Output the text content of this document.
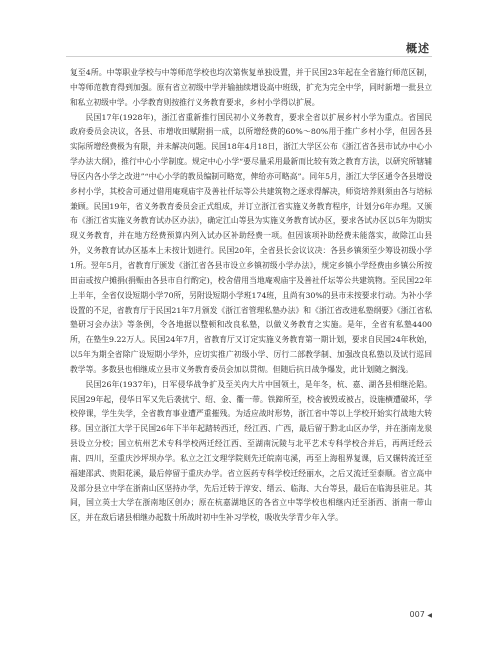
概述

复至4所。中等职业学校与中等师范学校也均次第恢复单独设置，并于民国23年起在全省施行师范区制，中等师范教育得到加强。原有省立初级中学并输抽续增设高中班级，扩充为完全中学，同时新增一批县立和私立初级中学。小学教育则按推行义务教育要求，乡村小学得以扩展。

民国17年(1928年)，浙江省重新推行国民初小义务教育，要求全省以扩展乡村小学为重点。省国民政府委员会决议，各县、市增收田赋附捐一成，以所增经费的60%～80%用于推广乡村小学，但因各县实际所增经费极为有限，并未解决问题。民国18年4月18日，浙江大学区公布《浙江省各县市试办中心小学办法大纲》，推行中心小学制度。规定中心小学“要尽量采用最新而比较有效之教育方法，以研究所辖辅导区内各小学之改进”“中心小学的教员编制可略宽，俾给亦可略高”。同年5月，浙江大学区通令各县增设乡村小学，其校舍可通过借用庵观庙宇及善社仟坛等公共建筑物之逐求得解决，师资培养则须由各与培标兼顾。民国19年，省义务教育委员会正式组成，并订立浙江省实施义务教育程序，计划分6年办理。又颁布《浙江省实施义务教育试办区办法》，确定江山等县为实施义务教育试办区，要求各试办区以5年为期实现义务教育，并在地方经费预算内列入试办区补助经费一项。但因该项补助经费未能落实，故除江山县外，义务教育试办区基本上未按计划进行。民国20年，全省县长会议议决：各县乡镇须至少筹设初级小学1所。翌年5月，省教育厅颁发《浙江省各县市设立乡镇初级小学办法》，规定乡镇小学经费由乡镇公所按田亩或按户摊捐(捐赈由各县市自行酌定)，校舍借用当地庵观庙宇及善社仟坛等公共建筑物。至民国22年上半年，全省仅设短期小学70所，另附设短期小学班174班，且尚有30%的县市未按要求行动。为补小学设置的不足，省教育厅于民国21年7月颁发《浙江省管理私塾办法》和《浙江省改进私塾纲要》《浙江省私塾研习会办法》等条例，令各地据以整顿和改良私塾，以做义务教育之实施。是年，全省有私塾4400所，在塾生9.22万人。民国24年7月，省教育厅又订定实施义务教育第一期计划，要求自民国24年秋始，以5年为期全省除广设短期小学外，应切实推广初级小学、厉行二部教学制、加强改良私塾以及试行巡回教学等。多数县也相继成立县市义务教育委员会加以贯彻。但随后抗日战争爆发，此计划随之搁浅。

民国26年(1937年)，日军侵华战争扩及至关内大片中国领土，是年冬，杭、嘉、湖各县相继沦陷。民国29年起，侵华日军又先后袭扰宁、绍、金、衢一带。铁蹄所至，校舍被毁或被占，设施横遭破坏，学校停课，学生失学，全省教育事业遭严重摧残。为适应战时形势，浙江省中等以上学校开始实行战地大转移。国立浙江大学于民国26年下半年起踏转西迁，经江西、广西，最后留于黔北山区办学，并在浙南龙泉县设立分校；国立杭州艺术专科学校两迁经江西、至湖南沅陵与北平艺术专科学校合并后，再两迁经云南、四川，至重庆沙坪坝办学。私立之江文理学院则先迁皖南屯溪，再至上海租界复课，后又辗转流迁至福建邵武、贵阳花溪，最后停留于重庆办学。省立医药专科学校迁经丽水，之后又流迁至泰顺。省立高中及部分县立中学在浙南山区坚持办学，先后迁转于淳安、缙云、临海、大台等县，最后在临海县驻足。其间，国立英士大学在浙南地区创办；原在杭嘉湖地区的各省立中等学校也相继内迁至浙西、浙南一带山区，并在敌后诸县相继办起数十所战时初中生补习学校，吸收失学青少年入学。

007 ◀
